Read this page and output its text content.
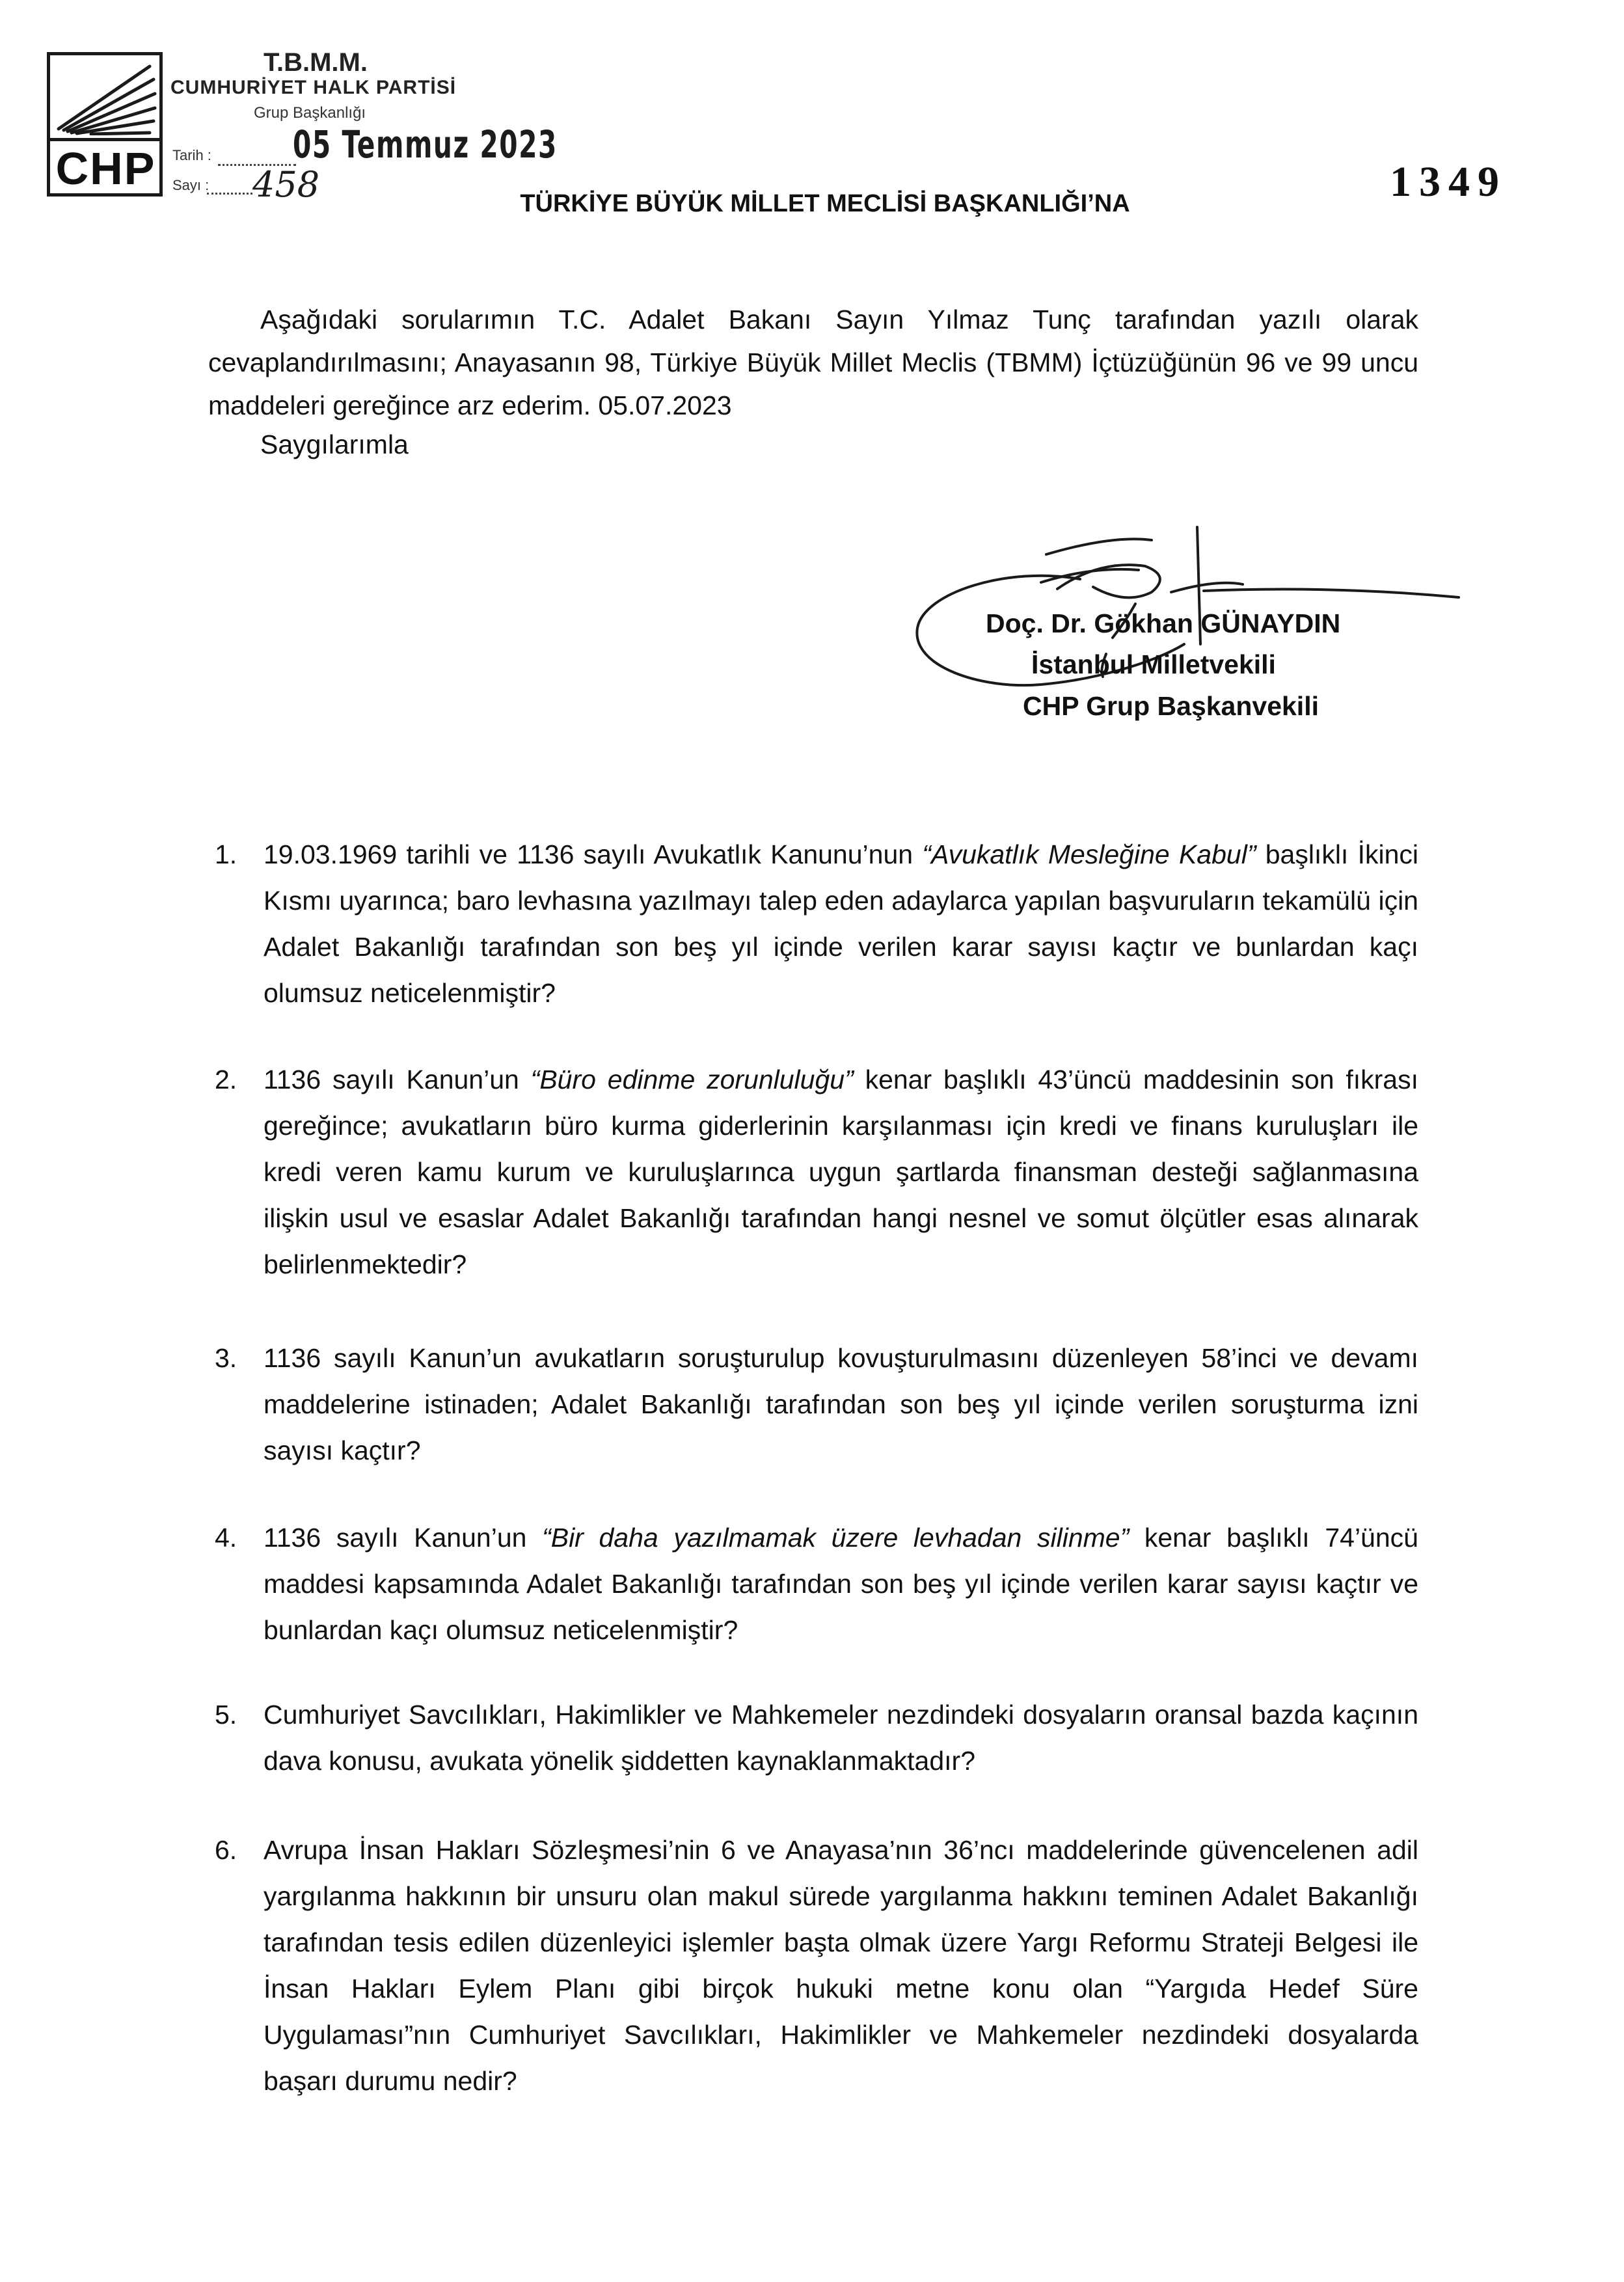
CHP
T.B.M.M.
CUMHURİYET HALK PARTİSİ
Grup Başkanlığı
Tarih : 05 Temmuz 2023
Sayı : 458	1349
TÜRKİYE BÜYÜK MİLLET MECLİSİ BAŞKANLIĞI’NA
Aşağıdaki sorularımın T.C. Adalet Bakanı Sayın Yılmaz Tunç tarafından yazılı olarak cevaplandırılmasını; Anayasanın 98, Türkiye Büyük Millet Meclis (TBMM) İçtüzüğünün 96 ve 99 uncu maddeleri gereğince arz ederim. 05.07.2023
Saygılarımla
Doç. Dr. Gökhan GÜNAYDIN
İstanbul Milletvekili
CHP Grup Başkanvekili
1. 19.03.1969 tarihli ve 1136 sayılı Avukatlık Kanunu’nun “Avukatlık Mesleğine Kabul” başlıklı İkinci Kısmı uyarınca; baro levhasına yazılmayı talep eden adaylarca yapılan başvuruların tekamülü için Adalet Bakanlığı tarafından son beş yıl içinde verilen karar sayısı kaçtır ve bunlardan kaçı olumsuz neticelenmiştir?
2. 1136 sayılı Kanun’un “Büro edinme zorunluluğu” kenar başlıklı 43’üncü maddesinin son fıkrası gereğince; avukatların büro kurma giderlerinin karşılanması için kredi ve finans kuruluşları ile kredi veren kamu kurum ve kuruluşlarınca uygun şartlarda finansman desteği sağlanmasına ilişkin usul ve esaslar Adalet Bakanlığı tarafından hangi nesnel ve somut ölçütler esas alınarak belirlenmektedir?
3. 1136 sayılı Kanun’un avukatların soruşturulup kovuşturulmasını düzenleyen 58’inci ve devamı maddelerine istinaden; Adalet Bakanlığı tarafından son beş yıl içinde verilen soruşturma izni sayısı kaçtır?
4. 1136 sayılı Kanun’un “Bir daha yazılmamak üzere levhadan silinme” kenar başlıklı 74’üncü maddesi kapsamında Adalet Bakanlığı tarafından son beş yıl içinde verilen karar sayısı kaçtır ve bunlardan kaçı olumsuz neticelenmiştir?
5. Cumhuriyet Savcılıkları, Hakimlikler ve Mahkemeler nezdindeki dosyaların oransal bazda kaçının dava konusu, avukata yönelik şiddetten kaynaklanmaktadır?
6. Avrupa İnsan Hakları Sözleşmesi’nin 6 ve Anayasa’nın 36’ncı maddelerinde güvencelenen adil yargılanma hakkının bir unsuru olan makul sürede yargılanma hakkını teminen Adalet Bakanlığı tarafından tesis edilen düzenleyici işlemler başta olmak üzere Yargı Reformu Strateji Belgesi ile İnsan Hakları Eylem Planı gibi birçok hukuki metne konu olan “Yargıda Hedef Süre Uygulaması”nın Cumhuriyet Savcılıkları, Hakimlikler ve Mahkemeler nezdindeki dosyalarda başarı durumu nedir?
